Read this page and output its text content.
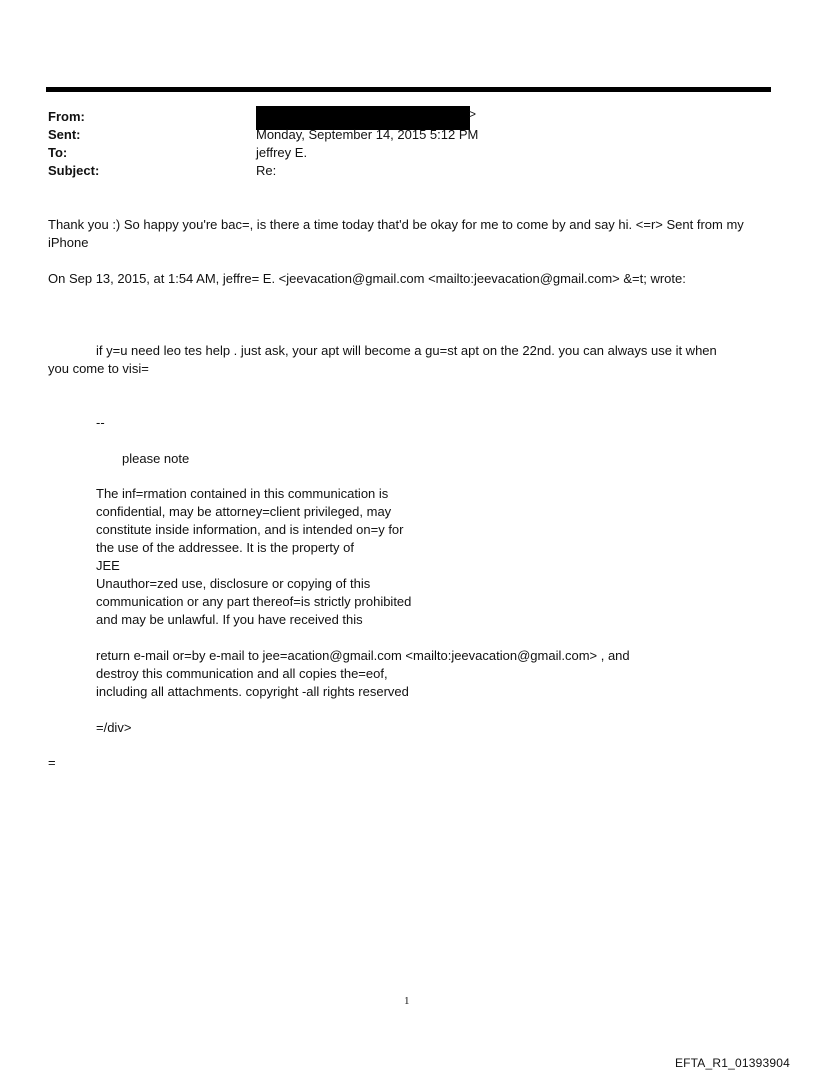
From:	>
Sent:	Monday, September 14, 2015 5:12 PM
To:	jeffrey E.
Subject:	Re:
Thank you :) So happy you're bac=, is there a time today that'd be okay for me to come by and say hi. <=r> Sent from my
iPhone
On Sep 13, 2015, at 1:54 AM, jeffre= E. <jeevacation@gmail.com <mailto:jeevacation@gmail.com> &=t; wrote:
if y=u need leo tes help . just ask, your apt will become a gu=st apt on the 22nd. you can always use it when
you come to visi=
--
please note
The inf=rmation contained in this communication is
confidential, may be attorney=client privileged, may
constitute inside information, and is intended on=y for
the use of the addressee. It is the property of
JEE
Unauthor=zed use, disclosure or copying of this
communication or any part thereof=is strictly prohibited
and may be unlawful. If you have received this
return e-mail or=by e-mail to jee=acation@gmail.com <mailto:jeevacation@gmail.com> , and
destroy this communication and all copies the=eof,
including all attachments. copyright -all rights reserved
=/div>
=
1
EFTA_R1_01393904
